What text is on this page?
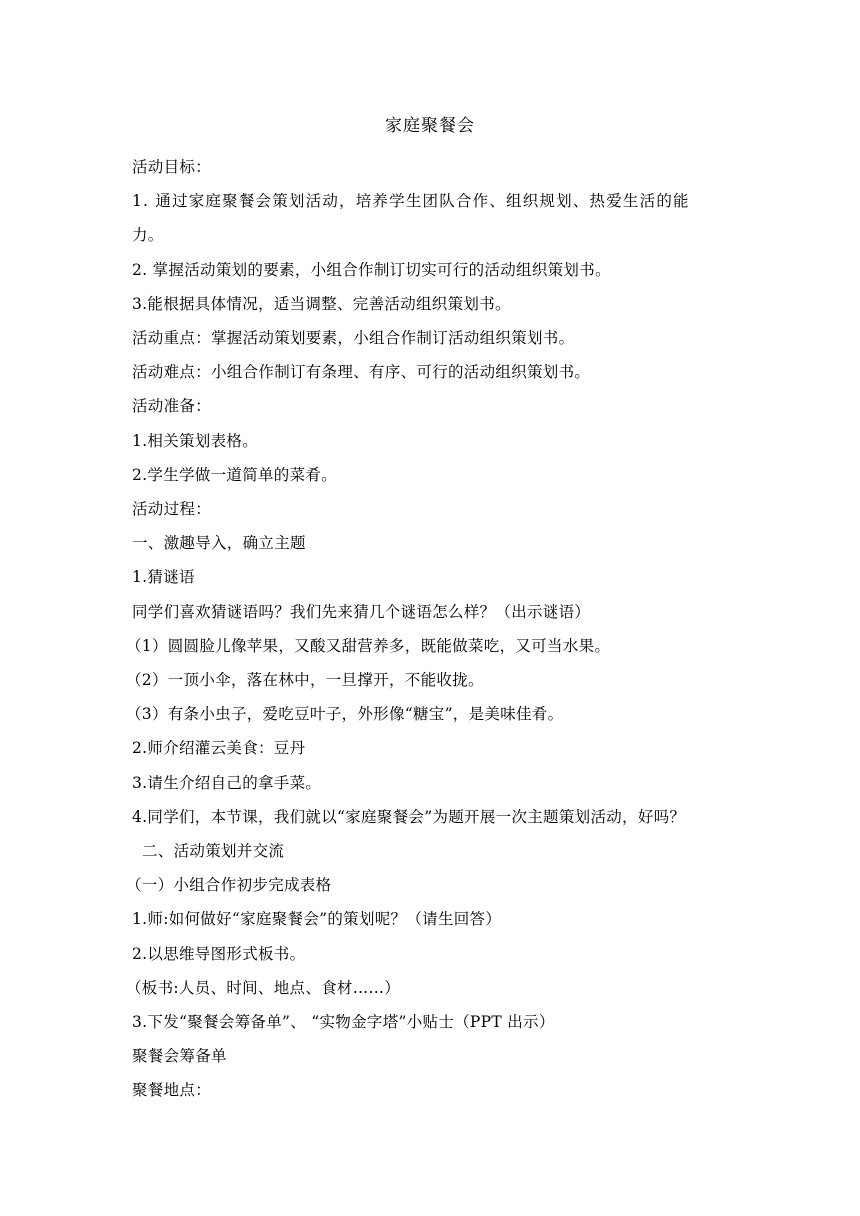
家庭聚餐会
活动目标：
1. 通过家庭聚餐会策划活动，培养学生团队合作、组织规划、热爱生活的能
力。
2. 掌握活动策划的要素，小组合作制订切实可行的活动组织策划书。
3.能根据具体情况，适当调整、完善活动组织策划书。
活动重点：掌握活动策划要素，小组合作制订活动组织策划书。
活动难点：小组合作制订有条理、有序、可行的活动组织策划书。
活动准备：
1.相关策划表格。
2.学生学做一道简单的菜肴。
活动过程：
一、激趣导入，确立主题
1.猜谜语
同学们喜欢猜谜语吗？我们先来猜几个谜语怎么样？（出示谜语）
（1）圆圆脸儿像苹果，又酸又甜营养多，既能做菜吃，又可当水果。
（2）一顶小伞，落在林中，一旦撑开，不能收拢。
（3）有条小虫子，爱吃豆叶子，外形像“糖宝”，是美味佳肴。
2.师介绍灌云美食：豆丹
3.请生介绍自己的拿手菜。
4.同学们，本节课，我们就以“家庭聚餐会”为题开展一次主题策划活动，好吗？
二、活动策划并交流
（一）小组合作初步完成表格
1.师:如何做好“家庭聚餐会”的策划呢？（请生回答）
2.以思维导图形式板书。
（板书:人员、时间、地点、食材……）
3.下发“聚餐会筹备单”、 “实物金字塔”小贴士（PPT 出示）
聚餐会筹备单
聚餐地点：
